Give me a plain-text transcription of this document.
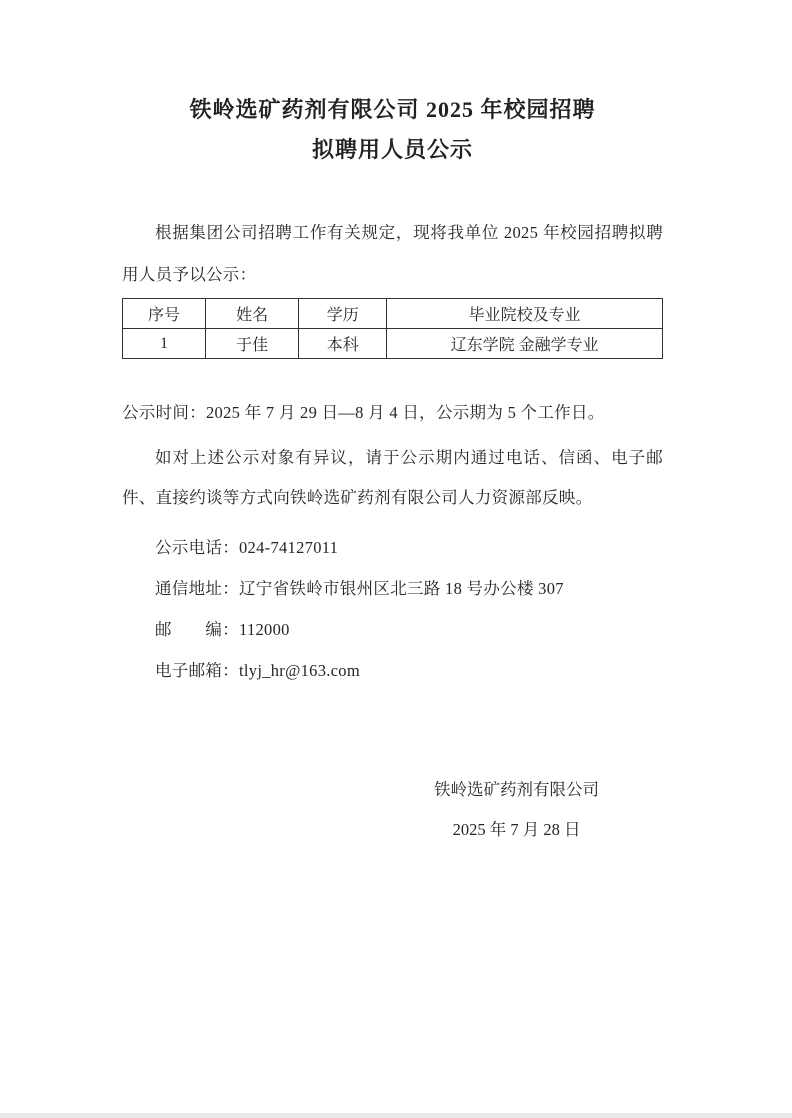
铁岭选矿药剂有限公司 2025 年校园招聘
拟聘用人员公示

根据集团公司招聘工作有关规定，现将我单位 2025 年校园招聘拟聘用人员予以公示：

序号	姓名	学历	毕业院校及专业
1	于佳	本科	辽东学院 金融学专业

公示时间：2025 年 7 月 29 日—8 月 4 日，公示期为 5 个工作日。

如对上述公示对象有异议，请于公示期内通过电话、信函、电子邮件、直接约谈等方式向铁岭选矿药剂有限公司人力资源部反映。

公示电话：024-74127011

通信地址：辽宁省铁岭市银州区北三路 18 号办公楼 307

邮　　编：112000

电子邮箱：tlyj_hr@163.com

铁岭选矿药剂有限公司
2025 年 7 月 28 日
